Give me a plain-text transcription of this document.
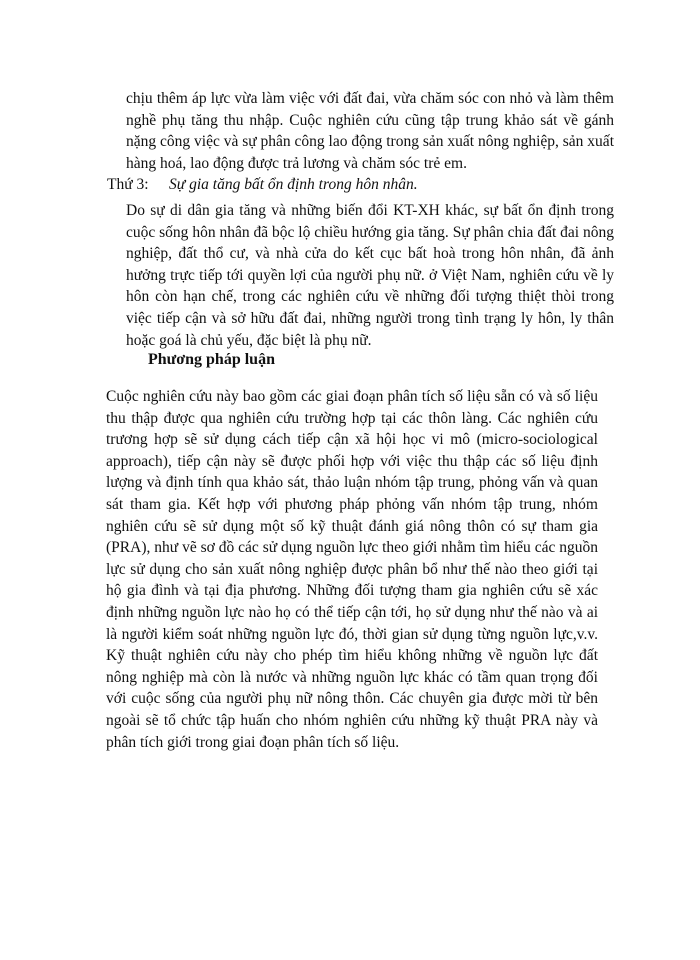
chịu thêm áp lực vừa làm việc với đất đai, vừa chăm sóc con nhỏ và làm thêm nghề phụ tăng thu nhập. Cuộc nghiên cứu cũng tập trung khảo sát về gánh nặng công việc và sự phân công lao động trong sản xuất nông nghiệp, sản xuất hàng hoá, lao động được trả lương và chăm sóc trẻ em.

Thứ 3: Sự gia tăng bất ổn định trong hôn nhân.

Do sự di dân gia tăng và những biến đổi KT-XH khác, sự bất ổn định trong cuộc sống hôn nhân đã bộc lộ chiều hướng gia tăng. Sự phân chia đất đai nông nghiệp, đất thổ cư, và nhà cửa do kết cục bất hoà trong hôn nhân, đã ảnh hưởng trực tiếp tới quyền lợi của người phụ nữ. ở Việt Nam, nghiên cứu về ly hôn còn hạn chế, trong các nghiên cứu về những đối tượng thiệt thòi trong việc tiếp cận và sở hữu đất đai, những người trong tình trạng ly hôn, ly thân hoặc goá là chủ yếu, đặc biệt là phụ nữ.

Phương pháp luận

Cuộc nghiên cứu này bao gồm các giai đoạn phân tích số liệu sẵn có và số liệu thu thập được qua nghiên cứu trường hợp tại các thôn làng. Các nghiên cứu trương hợp sẽ sử dụng cách tiếp cận xã hội học vi mô (micro-sociological approach), tiếp cận này sẽ được phối hợp với việc thu thập các số liệu định lượng và định tính qua khảo sát, thảo luận nhóm tập trung, phỏng vấn và quan sát tham gia. Kết hợp với phương pháp phỏng vấn nhóm tập trung, nhóm nghiên cứu sẽ sử dụng một số kỹ thuật đánh giá nông thôn có sự tham gia (PRA), như vẽ sơ đồ các sử dụng nguồn lực theo giới nhằm tìm hiểu các nguồn lực sử dụng cho sản xuất nông nghiệp được phân bổ như thế nào theo giới tại hộ gia đình và tại địa phương. Những đối tượng tham gia nghiên cứu sẽ xác định những nguồn lực nào họ có thể tiếp cận tới, họ sử dụng như thế nào và ai là người kiểm soát những nguồn lực đó, thời gian sử dụng từng nguồn lực,v.v. Kỹ thuật nghiên cứu này cho phép tìm hiểu không những về nguồn lực đất nông nghiệp mà còn là nước và những nguồn lực khác có tầm quan trọng đối với cuộc sống của người phụ nữ nông thôn. Các chuyên gia được mời từ bên ngoài sẽ tổ chức tập huấn cho nhóm nghiên cứu những kỹ thuật PRA này và phân tích giới trong giai đoạn phân tích số liệu.
